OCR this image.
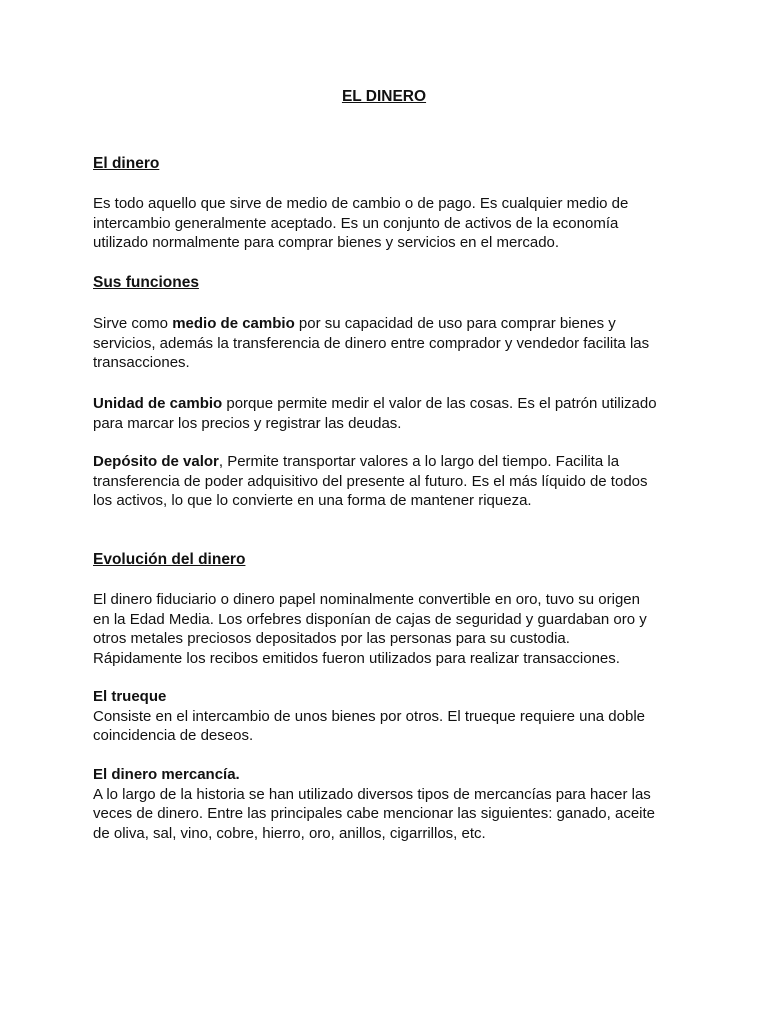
EL DINERO
El dinero

Es todo aquello que sirve de medio de cambio o de pago. Es cualquier medio de
intercambio generalmente aceptado. Es un conjunto de activos de la economía
utilizado normalmente para comprar bienes y servicios en el mercado.

Sus funciones

Sirve como medio de cambio por su capacidad de uso para comprar bienes y
servicios, además la transferencia de dinero entre comprador y vendedor facilita las
transacciones.

Unidad de cambio porque permite medir el valor de las cosas. Es el patrón utilizado
para marcar los precios y registrar las deudas.

Depósito de valor, Permite transportar valores a lo largo del tiempo. Facilita la
transferencia de poder adquisitivo del presente al futuro. Es el más líquido de todos
los activos, lo que lo convierte en una forma de mantener riqueza.

Evolución del dinero

El dinero fiduciario o dinero papel nominalmente convertible en oro, tuvo su origen
en la Edad Media. Los orfebres disponían de cajas de seguridad y guardaban oro y
otros metales preciosos depositados por las personas para su custodia.
Rápidamente los recibos emitidos fueron utilizados para realizar transacciones.

El trueque
Consiste en el intercambio de unos bienes por otros. El trueque requiere una doble
coincidencia de deseos.

El dinero mercancía.
A lo largo de la historia se han utilizado diversos tipos de mercancías para hacer las
veces de dinero. Entre las principales cabe mencionar las siguientes: ganado, aceite
de oliva, sal, vino, cobre, hierro, oro, anillos, cigarrillos, etc.
